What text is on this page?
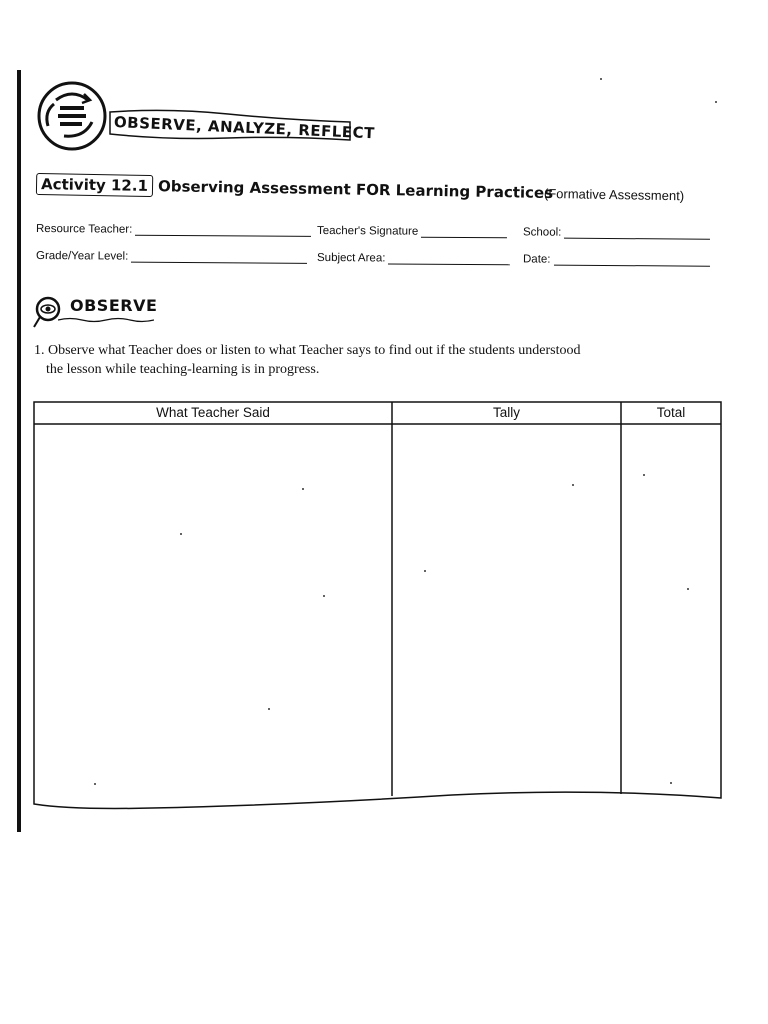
OBSERVE, ANALYZE, REFLECT
Activity 12.1 Observing Assessment FOR Learning Practices
(Formative Assessment)
Resource Teacher:	Teacher's Signature	School:
Grade/Year Level:	Subject Area:	Date:
OBSERVE
1. Observe what Teacher does or listen to what Teacher says to find out if the students understood
the lesson while teaching-learning is in progress.
What Teacher Said	Tally	Total
